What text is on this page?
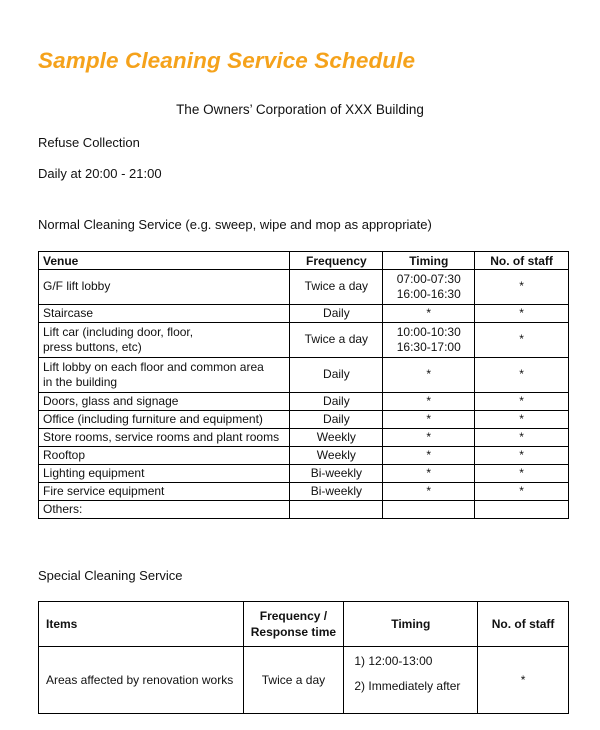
Sample Cleaning Service Schedule
The Owners’ Corporation of XXX Building
Refuse Collection
Daily at 20:00 - 21:00
Normal Cleaning Service (e.g. sweep, wipe and mop as appropriate)
Venue	Frequency	Timing	No. of staff

G/F lift lobby	Twice a day	07:00-07:30
16:00-16:30	*

Staircase	Daily	*	*

Lift car (including door, floor,
press buttons, etc)	Twice a day	10:00-10:30
16:30-17:00	*

Lift lobby on each floor and common area
in the building	Daily	*	*

Doors, glass and signage	Daily	*	*

Office (including furniture and equipment)	Daily	*	*

Store rooms, service rooms and plant rooms	Weekly	*	*

Rooftop	Weekly	*	*

Lighting equipment	Bi-weekly	*	*

Fire service equipment	Bi-weekly	*	*

Others:			

Special Cleaning Service
Items	Frequency /
Response time	Timing	No. of staff

Areas affected by renovation works	Twice a day	1) 12:00-13:00
2) Immediately after	*
